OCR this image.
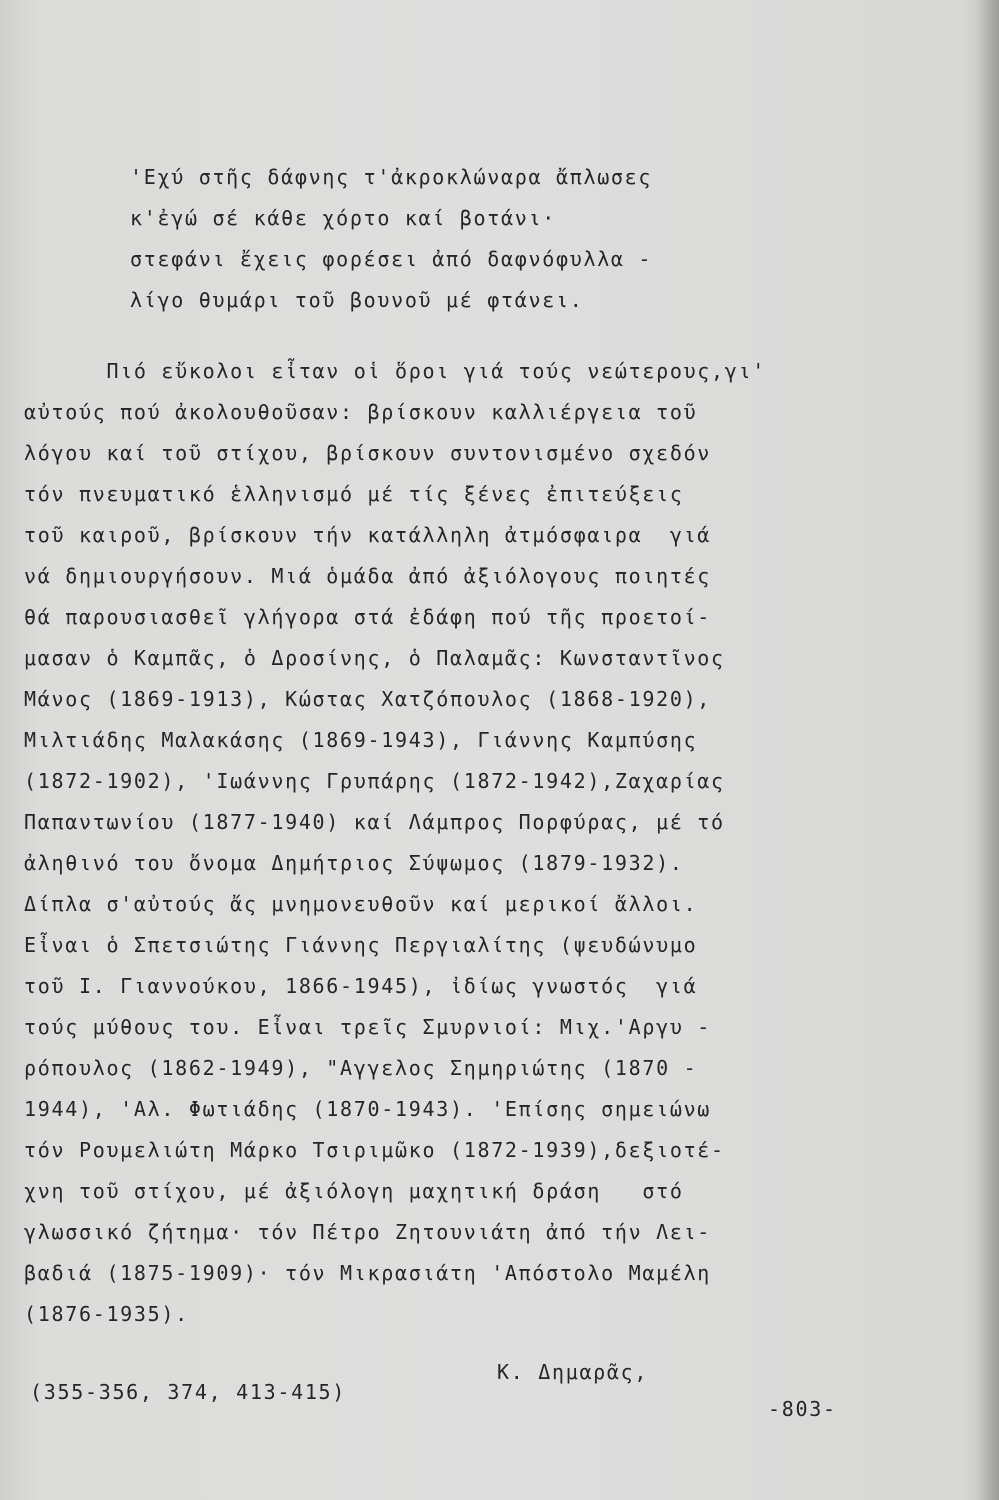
'Εχύ στῆς δάφνης τ'ἀκροκλώναρα ἄπλωσες

κ'ἐγώ σέ κάθε χόρτο καί βοτάνι·

στεφάνι ἔχεις φορέσει ἀπό δαφνόφυλλα -

λίγο θυμάρι τοῦ βουνοῦ μέ φτάνει.

Πιό εὔκολοι εἶταν οἱ ὅροι γιά τούς νεώτερους,γι'

αὐτούς πού ἀκολουθοῦσαν: βρίσκουν καλλιέργεια τοῦ

λόγου καί τοῦ στίχου, βρίσκουν συντονισμένο σχεδόν

τόν πνευματικό ἑλληνισμό μέ τίς ξένες ἐπιτεύξεις

τοῦ καιροῦ, βρίσκουν τήν κατάλληλη ἀτμόσφαιρα  γιά

νά δημιουργήσουν. Μιά ὁμάδα ἀπό ἀξιόλογους ποιητές

θά παρουσιασθεῖ γλήγορα στά ἐδάφη πού τῆς προετοί-

μασαν ὁ Καμπᾶς, ὁ Δροσίνης, ὁ Παλαμᾶς: Κωνσταντῖνος

Μάνος (1869-1913), Κώστας Χατζόπουλος (1868-1920),

Μιλτιάδης Μαλακάσης (1869-1943), Γιάννης Καμπύσης

(1872-1902), 'Ιωάννης Γρυπάρης (1872-1942),Ζαχαρίας

Παπαντωνίου (1877-1940) καί Λάμπρος Πορφύρας, μέ τό

ἀληθινό του ὄνομα Δημήτριος Σύψωμος (1879-1932).

Δίπλα σ'αὐτούς ἄς μνημονευθοῦν καί μερικοί ἄλλοι.

Εἶναι ὁ Σπετσιώτης Γιάννης Περγιαλίτης (ψευδώνυμο

τοῦ Ι. Γιαννούκου, 1866-1945), ἰδίως γνωστός  γιά

τούς μύθους του. Εἶναι τρεῖς Σμυρνιοί: Μιχ.'Αργυ -

ρόπουλος (1862-1949), "Αγγελος Σημηριώτης (1870 -

1944), 'Αλ. Φωτιάδης (1870-1943). 'Επίσης σημειώνω

τόν Ρουμελιώτη Μάρκο Τσιριμῶκο (1872-1939),δεξιοτέ-

χνη τοῦ στίχου, μέ ἀξιόλογη μαχητική δράση   στό

γλωσσικό ζήτημα· τόν Πέτρο Ζητουνιάτη ἀπό τήν Λει-

βαδιά (1875-1909)· τόν Μικρασιάτη 'Απόστολο Μαμέλη

(1876-1935).

Κ. Δημαρᾶς,
(355-356, 374, 413-415)
-803-
